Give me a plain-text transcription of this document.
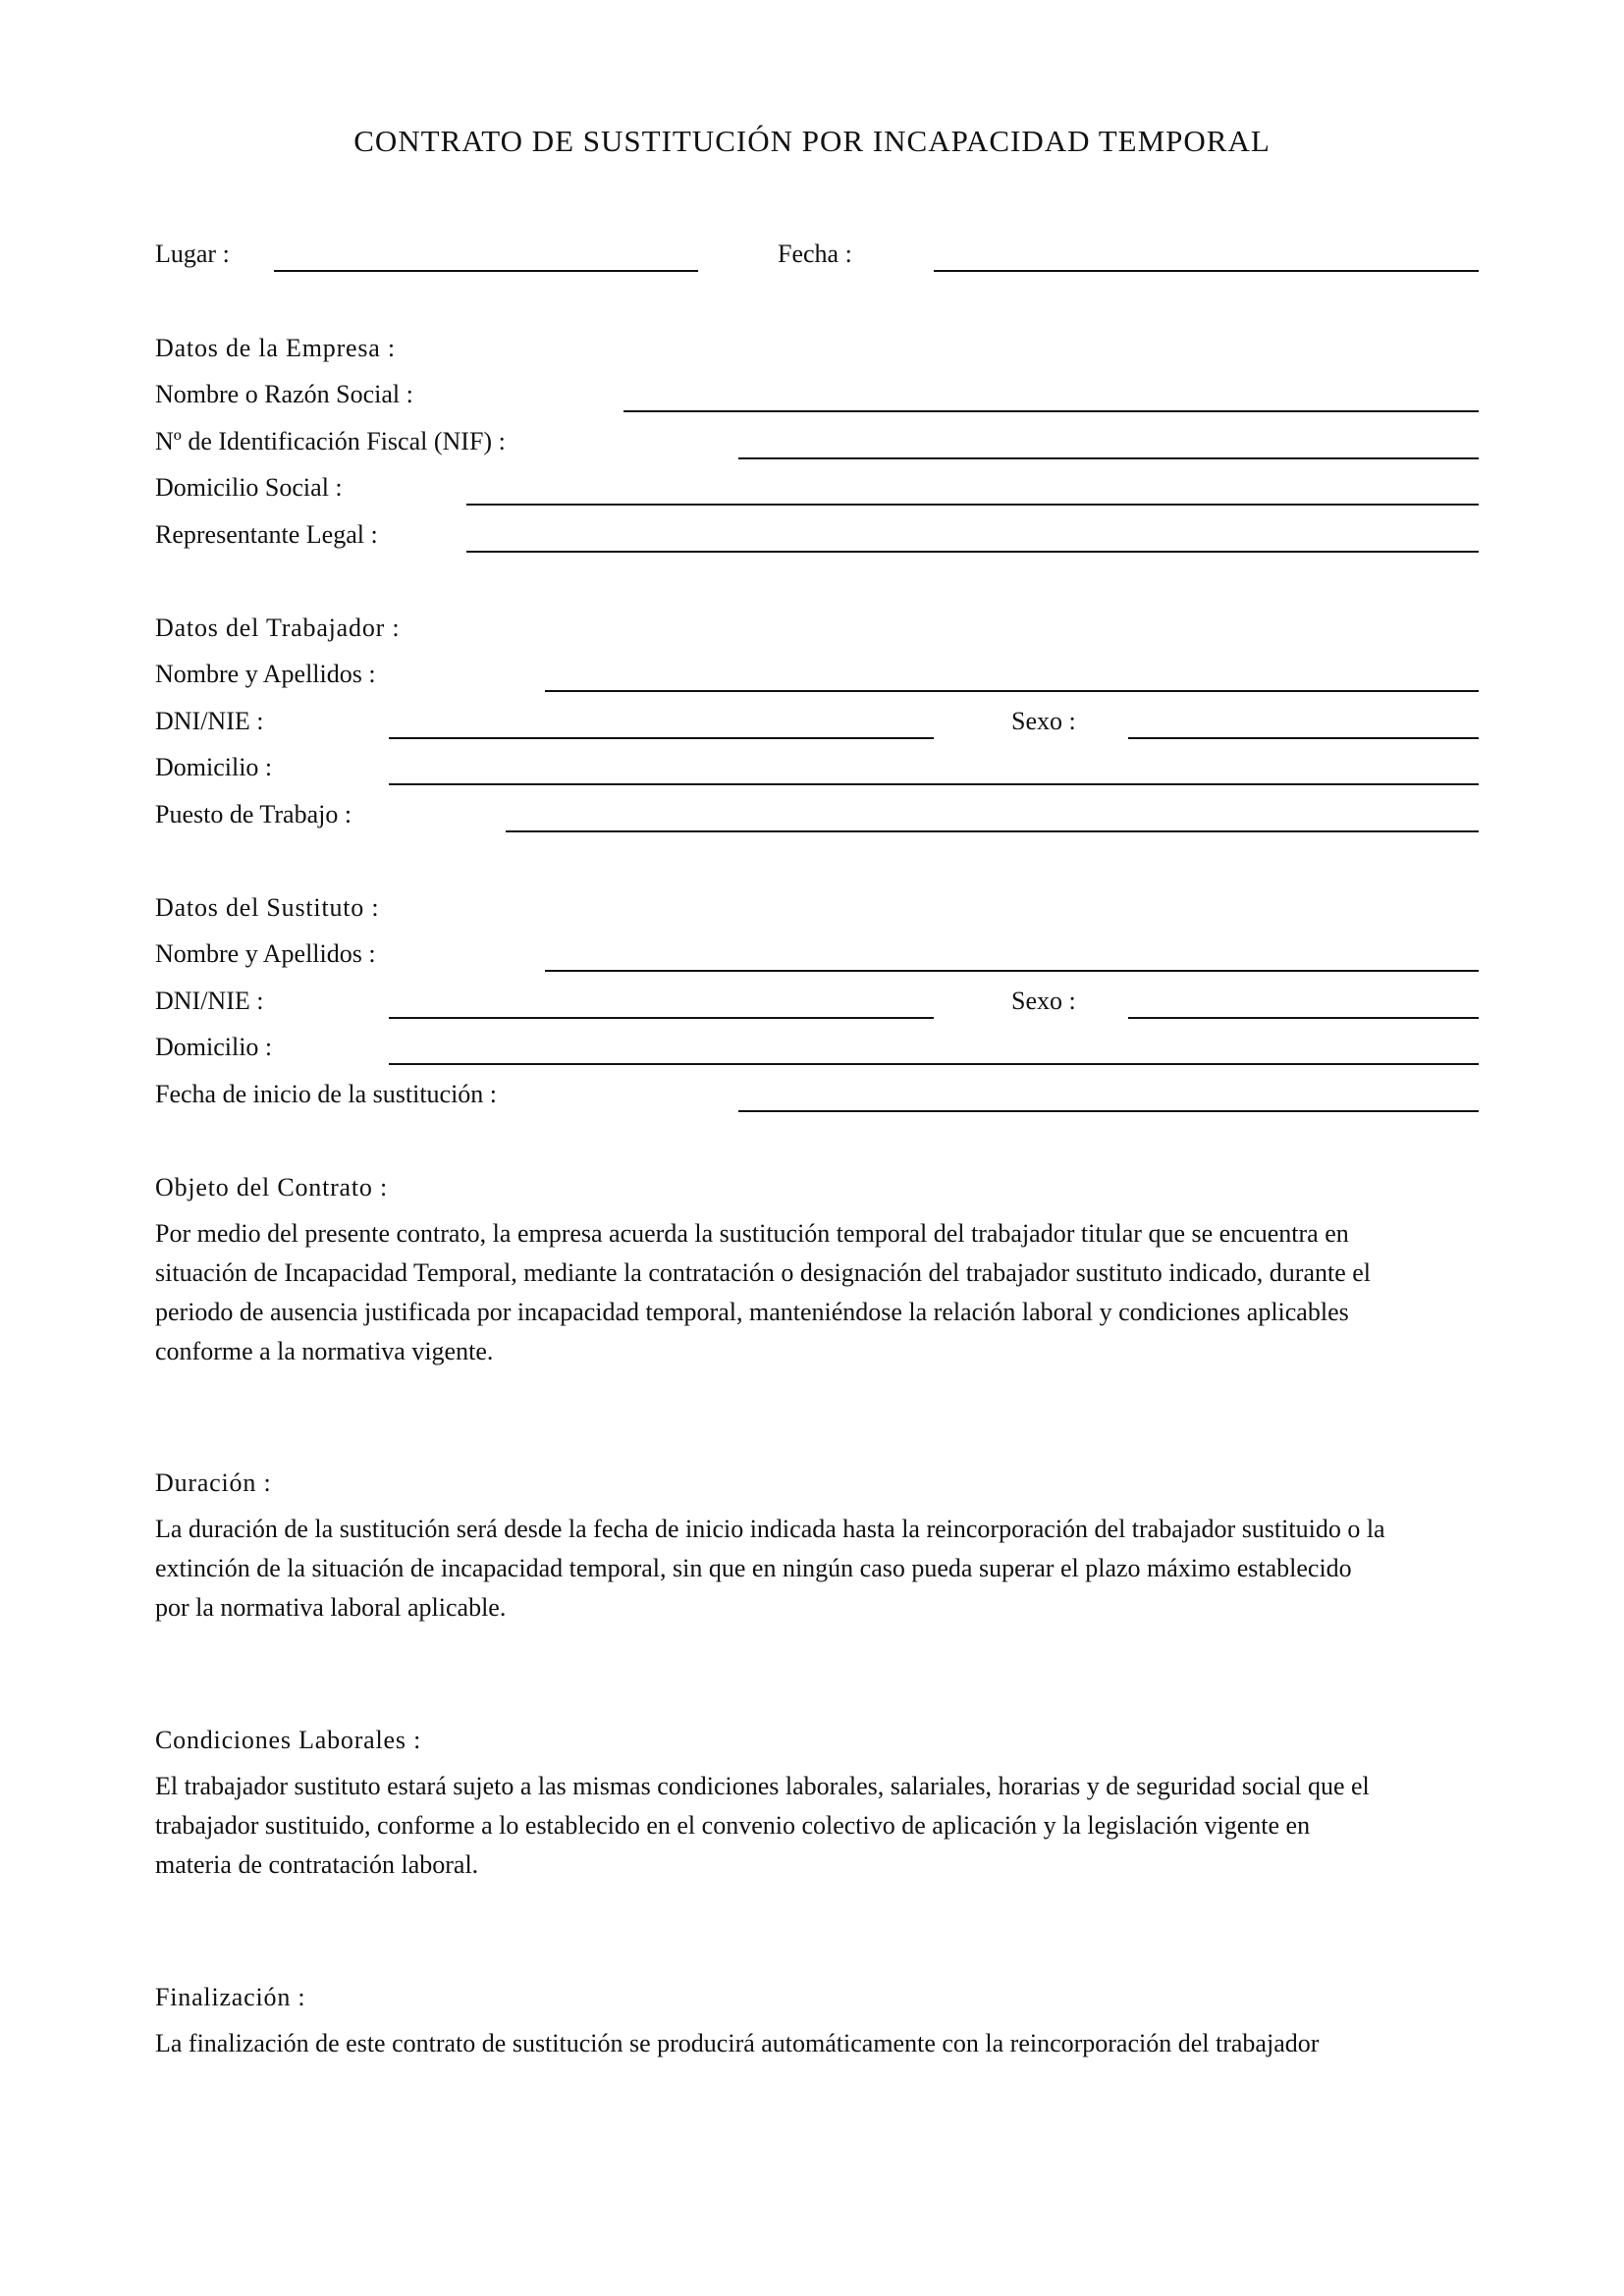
CONTRATO DE SUSTITUCIÓN POR INCAPACIDAD TEMPORAL
Lugar :	Fecha :
Datos de la Empresa :
Nombre o Razón Social :
Nº de Identificación Fiscal (NIF) :
Domicilio Social :
Representante Legal :
Datos del Trabajador :
Nombre y Apellidos :
DNI/NIE :	Sexo :
Domicilio :
Puesto de Trabajo :
Datos del Sustituto :
Nombre y Apellidos :
DNI/NIE :	Sexo :
Domicilio :
Fecha de inicio de la sustitución :
Objeto del Contrato :
Por medio del presente contrato, la empresa acuerda la sustitución temporal del trabajador titular que se encuentra en
situación de Incapacidad Temporal, mediante la contratación o designación del trabajador sustituto indicado, durante el
periodo de ausencia justificada por incapacidad temporal, manteniéndose la relación laboral y condiciones aplicables
conforme a la normativa vigente.
Duración :
La duración de la sustitución será desde la fecha de inicio indicada hasta la reincorporación del trabajador sustituido o la
extinción de la situación de incapacidad temporal, sin que en ningún caso pueda superar el plazo máximo establecido
por la normativa laboral aplicable.
Condiciones Laborales :
El trabajador sustituto estará sujeto a las mismas condiciones laborales, salariales, horarias y de seguridad social que el
trabajador sustituido, conforme a lo establecido en el convenio colectivo de aplicación y la legislación vigente en
materia de contratación laboral.
Finalización :
La finalización de este contrato de sustitución se producirá automáticamente con la reincorporación del trabajador
